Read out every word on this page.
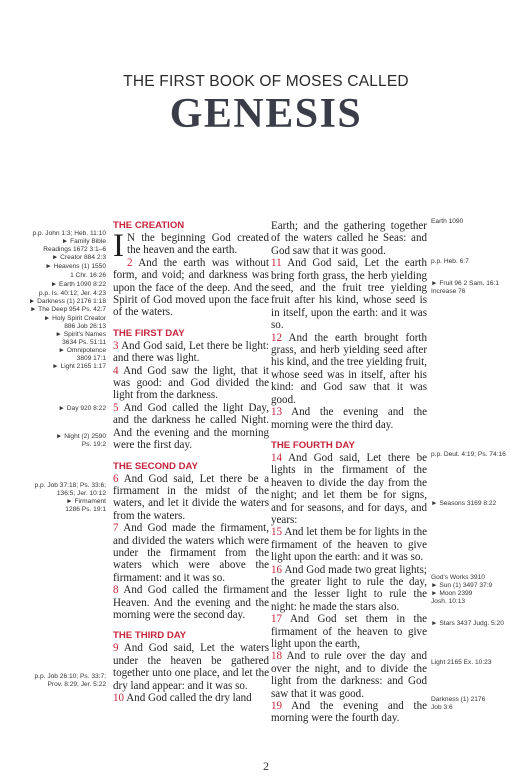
THE FIRST BOOK OF MOSES CALLED
GENESIS
p.p. John 1:3; Heb. 11:10
► Family Bible
Readings 1672 3:1–6
► Creator 884 2:3
► Heavens (1) 1550
1 Chr. 16:26
► Earth 1090 8:22
p.p. Is. 40:12; Jer. 4:23
► Darkness (1) 2176 1:18
► The Deep 954 Ps. 42:7
► Holy Spirit Creator
886 Job 26:13
► Spirit's Names
3634 Ps. 51:11
► Omnipotence
3809 17:1
► Light 2165 1:17
► Day 920 8:22
► Night (2) 2590
Ps. 19:2
p.p. Job 37:18; Ps. 33:6;
136:5; Jer. 10:12
► Firmament
1286 Ps. 19:1
p.p. Job 26:10; Ps. 33:7;
Prov. 8:29; Jer. 5:22
Earth 1090
p.p. Heb. 6:7
► Fruit 96 2 Sam. 16:1
Increase 76
p.p. Deut. 4:19; Ps. 74:16
► Seasons 3169 8:22
God's Works 3910
► Sun (1) 3497 37:9
► Moon 2399
Josh. 10:13
► Stars 3437 Judg. 5:20
Light 2165 Ex. 10:23
Darkness (1) 2176
Job 3:6
THE CREATION

I N the beginning God created the heaven and the earth.

2 And the earth was without form, and void; and darkness was upon the face of the deep. And the Spirit of God moved upon the face of the waters.

THE FIRST DAY

3 And God said, Let there be light: and there was light.

4 And God saw the light, that it was good: and God divided the light from the darkness.

5 And God called the light Day, and the darkness he called Night. And the evening and the morning were the first day.

THE SECOND DAY

6 And God said, Let there be a firmament in the midst of the waters, and let it divide the waters from the waters.

7 And God made the firmament, and divided the waters which were under the firmament from the waters which were above the firmament: and it was so.

8 And God called the firmament Heaven. And the evening and the morning were the second day.

THE THIRD DAY

9 And God said, Let the waters under the heaven be gathered together unto one place, and let the dry land appear: and it was so.

10 And God called the dry land

Earth; and the gathering together of the waters called he Seas: and God saw that it was good.

11 And God said, Let the earth bring forth grass, the herb yielding seed, and the fruit tree yielding fruit after his kind, whose seed is in itself, upon the earth: and it was so.

12 And the earth brought forth grass, and herb yielding seed after his kind, and the tree yielding fruit, whose seed was in itself, after his kind: and God saw that it was good.

13 And the evening and the morning were the third day.

THE FOURTH DAY

14 And God said, Let there be lights in the firmament of the heaven to divide the day from the night; and let them be for signs, and for seasons, and for days, and years:

15 And let them be for lights in the firmament of the heaven to give light upon the earth: and it was so.

16 And God made two great lights; the greater light to rule the day, and the lesser light to rule the night: he made the stars also.

17 And God set them in the firmament of the heaven to give light upon the earth,

18 And to rule over the day and over the night, and to divide the light from the darkness: and God saw that it was good.

19 And the evening and the morning were the fourth day.

2
